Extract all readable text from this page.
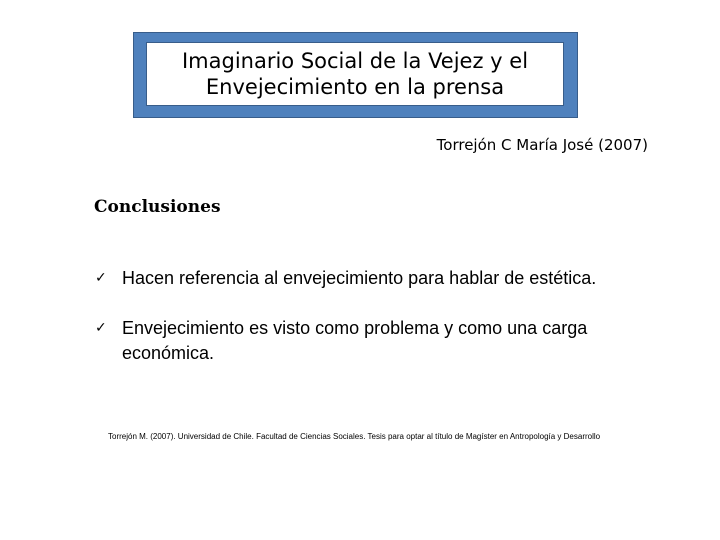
Imaginario Social de la Vejez y el
Envejecimiento en la prensa
Torrejón C María José (2007)
Conclusiones
✓ Hacen referencia al envejecimiento para hablar de estética.
✓ Envejecimiento es visto como problema y como una carga económica.
Torrejón M. (2007). Universidad de Chile. Facultad de Ciencias Sociales. Tesis para optar al título de Magíster en Antropología y Desarrollo
